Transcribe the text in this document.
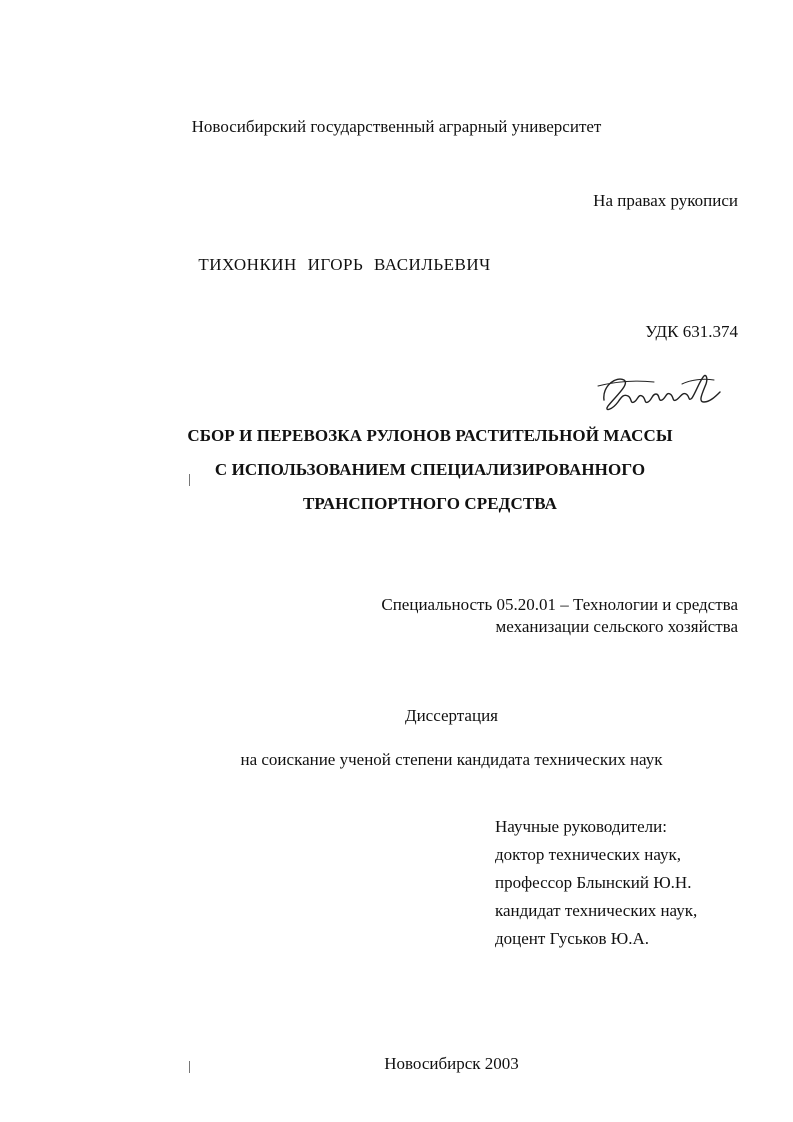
Новосибирский государственный аграрный университет
На правах рукописи
ТИХОНКИН ИГОРЬ ВАСИЛЬЕВИЧ
УДК 631.374
СБОР И ПЕРЕВОЗКА РУЛОНОВ РАСТИТЕЛЬНОЙ МАССЫ
С ИСПОЛЬЗОВАНИЕМ СПЕЦИАЛИЗИРОВАННОГО
ТРАНСПОРТНОГО СРЕДСТВА
Специальность 05.20.01 – Технологии и средства
механизации сельского хозяйства
Диссертация
на соискание ученой степени кандидата технических наук
Научные руководители:
доктор технических наук,
профессор Блынский Ю.Н.
кандидат технических наук,
доцент Гуськов Ю.А.
Новосибирск 2003
